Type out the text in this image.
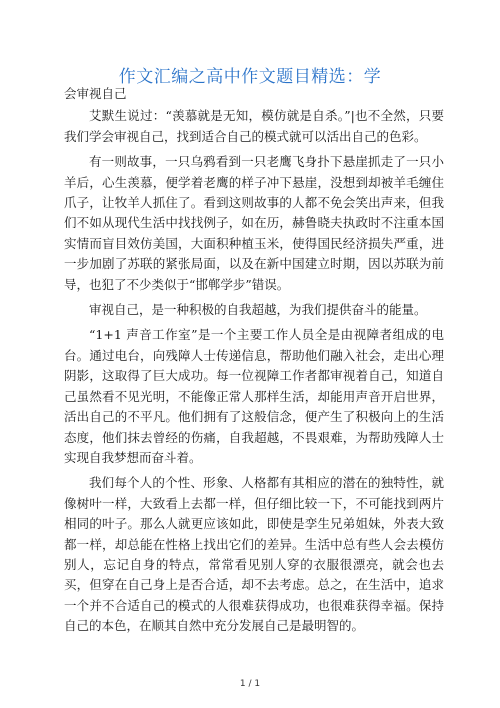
作文汇编之高中作文题目精选：学
会审视自己

艾默生说过：“羡慕就是无知，模仿就是自杀。”|也不全然，只要我们学会审视自己，找到适合自己的模式就可以活出自己的色彩。

有一则故事，一只乌鸦看到一只老鹰飞身扑下悬崖抓走了一只小羊后，心生羡慕，便学着老鹰的样子冲下悬崖，没想到却被羊毛缠住爪子，让牧羊人抓住了。看到这则故事的人都不免会笑出声来，但我们不如从现代生活中找找例子，如在历，赫鲁晓夫执政时不注重本国实情而盲目效仿美国，大面积种植玉米，使得国民经济损失严重，进一步加剧了苏联的紧张局面，以及在新中国建立时期，因以苏联为前导，也犯了不少类似于“邯郸学步”错误。

审视自己，是一种积极的自我超越，为我们提供奋斗的能量。

“1+1 声音工作室”是一个主要工作人员全是由视障者组成的电台。通过电台，向残障人士传递信息，帮助他们融入社会，走出心理阴影，这取得了巨大成功。每一位视障工作者都审视着自己，知道自己虽然看不见光明，不能像正常人那样生活，却能用声音开启世界，活出自己的不平凡。他们拥有了这般信念，便产生了积极向上的生活态度，他们抹去曾经的伤痛，自我超越，不畏艰难，为帮助残障人士实现自我梦想而奋斗着。

我们每个人的个性、形象、人格都有其相应的潜在的独特性，就像树叶一样，大致看上去都一样，但仔细比较一下，不可能找到两片相同的叶子。那么人就更应该如此，即使是孪生兄弟姐妹，外表大致都一样，却总能在性格上找出它们的差异。生活中总有些人会去模仿别人，忘记自身的特点，常常看见别人穿的衣服很漂亮，就会也去买，但穿在自己身上是否合适，却不去考虑。总之，在生活中，追求一个并不合适自己的模式的人很难获得成功，也很难获得幸福。保持自己的本色，在顺其自然中充分发展自己是最明智的。

1 / 1
